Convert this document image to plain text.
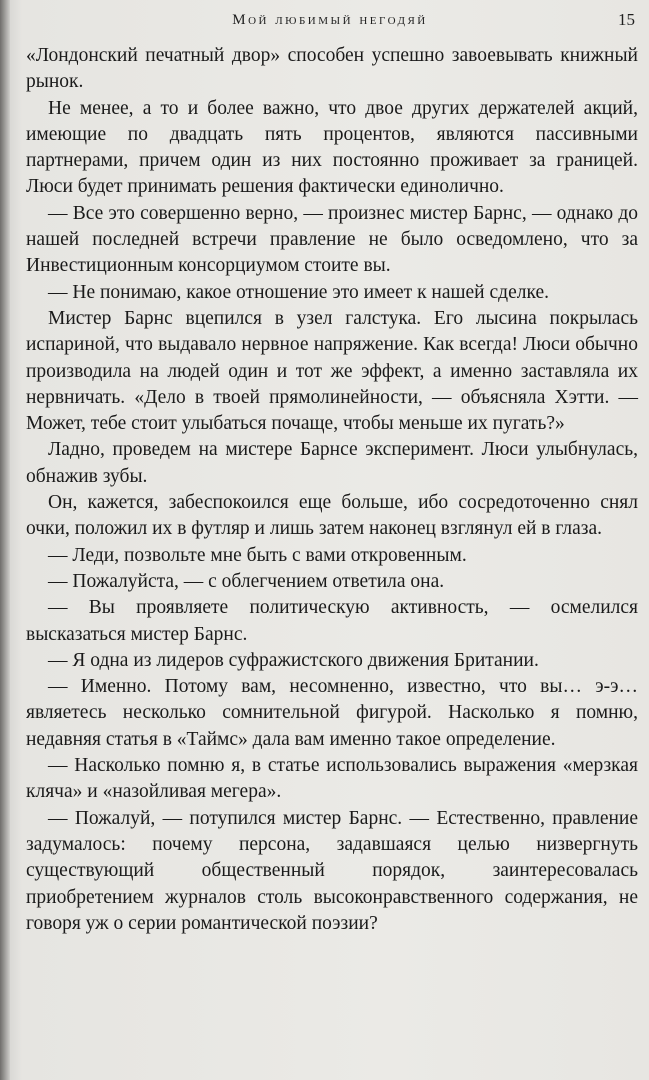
Мой любимый негодяй	15

«Лондонский печатный двор» способен успешно завоевывать книжный рынок.

Не менее, а то и более важно, что двое других держателей акций, имеющие по двадцать пять процентов, являются пассивными партнерами, причем один из них постоянно проживает за границей. Люси будет принимать решения фактически единолично.

— Все это совершенно верно, — произнес мистер Барнс, — однако до нашей последней встречи правление не было осведомлено, что за Инвестиционным консорциумом стоите вы.

— Не понимаю, какое отношение это имеет к нашей сделке.

Мистер Барнс вцепился в узел галстука. Его лысина покрылась испариной, что выдавало нервное напряжение. Как всегда! Люси обычно производила на людей один и тот же эффект, а именно заставляла их нервничать. «Дело в твоей прямолинейности, — объясняла Хэтти. — Может, тебе стоит улыбаться почаще, чтобы меньше их пугать?»

Ладно, проведем на мистере Барнсе эксперимент. Люси улыбнулась, обнажив зубы.

Он, кажется, забеспокоился еще больше, ибо сосредоточенно снял очки, положил их в футляр и лишь затем наконец взглянул ей в глаза.

— Леди, позвольте мне быть с вами откровенным.

— Пожалуйста, — с облегчением ответила она.

— Вы проявляете политическую активность, — осмелился высказаться мистер Барнс.

— Я одна из лидеров суфражистского движения Британии.

— Именно. Потому вам, несомненно, известно, что вы… э-э… являетесь несколько сомнительной фигурой. Насколько я помню, недавняя статья в «Таймс» дала вам именно такое определение.

— Насколько помню я, в статье использовались выражения «мерзкая кляча» и «назойливая мегера».

— Пожалуй, — потупился мистер Барнс. — Естественно, правление задумалось: почему персона, задавшаяся целью низвергнуть существующий общественный порядок, заинтересовалась приобретением журналов столь высоконравственного содержания, не говоря уж о серии романтической поэзии?
